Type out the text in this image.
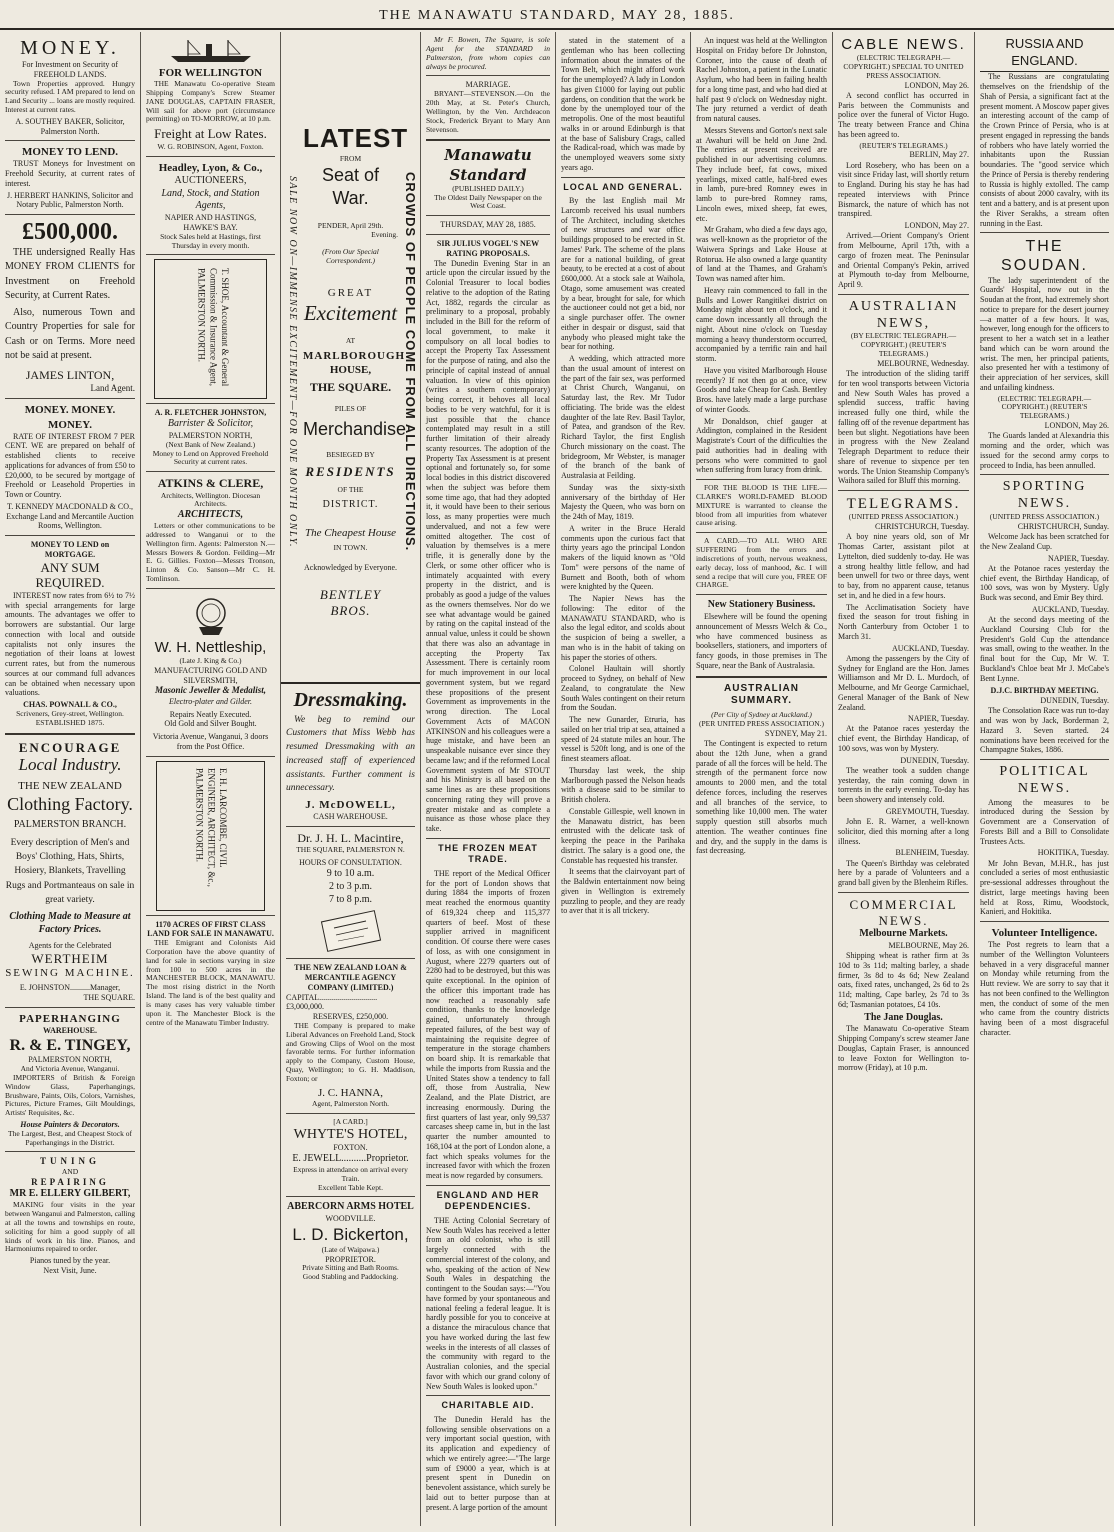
THE MANAWATU STANDARD, MAY 28, 1885.
MONEY.
For Investment on Security of FREEHOLD LANDS.

Town Properties approved. Hungry security refused. I AM prepared to lend on Land Security ... loans are mostly required. Interest at current rates.

A. SOUTHEY BAKER, Solicitor, Palmerston North.
MONEY TO LEND.

TRUST Moneys for Investment on Freehold Security, at current rates of interest.

J. HERBERT HANKINS, Solicitor and Notary Public, Palmerston North.
£500,000.

THE undersigned Really Has MONEY FROM CLIENTS for Investment on Freehold Security, at Current Rates.

Also, numerous Town and Country Properties for sale for Cash or on Terms. More need not be said at present.

JAMES LINTON,
Land Agent.
MONEY. MONEY. MONEY.

RATE OF INTEREST FROM 7 PER CENT. WE are prepared on behalf of established clients to receive applications for advances of from £50 to £20,000, to be secured by mortgage of Freehold or Leasehold Properties in Town or Country.

T. KENNEDY MACDONALD & CO., Exchange Land and Mercantile Auction Rooms, Wellington.
MONEY TO LEND on MORTGAGE.
ANY SUM REQUIRED.

INTEREST now rates from 6½ to 7½ with special arrangements for large amounts. The advantages we offer to borrowers are substantial. Our large connection with local and outside capitalists not only insures the negotiation of their loans at lowest current rates, but from the numerous sources at our command full advances can be obtained when necessary upon valuations.

CHAS. POWNALL & CO.,
Scriveners, Grey-street, Wellington. ESTABLISHED 1875.
ENCOURAGE
Local Industry.
THE NEW ZEALAND
Clothing Factory.
PALMERSTON BRANCH.

Every description of Men's and Boys' Clothing, Hats, Shirts, Hosiery, Blankets, Travelling Rugs and Portmanteaus on sale in great variety.

Clothing Made to Measure at Factory Prices.
Agents for the Celebrated
WERTHEIM
SEWING MACHINE.
E. JOHNSTON..........Manager,
THE SQUARE.
PAPERHANGING
WAREHOUSE.
R. & E. TINGEY,
PALMERSTON NORTH,
And Victoria Avenue, Wanganui.

IMPORTERS of British & Foreign Window Glass, Paperhangings, Brushware, Paints, Oils, Colors, Varnishes, Pictures, Picture Frames, Gilt Mouldings, Artists' Requisites, &c.

House Painters & Decorators.

The Largest, Best, and Cheapest Stock of Paperhangings in the District.

TUNING
AND
REPAIRING
MR E. ELLERY GILBERT,

MAKING four visits in the year between Wanganui and Palmerston, calling at all the towns and townships en route, soliciting for him a good supply of all kinds of work in his line. Pianos, and Harmoniums repaired to order.

Pianos tuned by the year.
Next Visit, June.
FOR WELLINGTON

THE Manawatu Co-operative Steam Shipping Company's Screw Steamer JANE DOUGLAS, CAPTAIN FRASER, Will sail for above port (circumstance permitting) on TO-MORROW, at 10 p.m.

Freight at Low Rates.
W. G. ROBINSON, Agent, Foxton.
Headley, Lyon, & Co.,
AUCTIONEERS,
Land, Stock, and Station Agents,
NAPIER AND HASTINGS,
HAWKE'S BAY.

Stock Sales held at Hastings, first Thursday in every month.

T. SHOE, Accountant & General Commission & Insurance Agent, PALMERSTON NORTH.
A. R. FLETCHER JOHNSTON,
Barrister & Solicitor,
PALMERSTON NORTH,
(Next Bank of New Zealand.)

Money to Lend on Approved Freehold Security at current rates.

ATKINS & CLERE,
Architects, Wellington. Diocesan Architects.
ARCHITECTS,

Letters or other communications to be addressed to Wanganui or to the Wellington firm. Agents: Palmerston N.—Messrs Bowers & Gordon. Feilding—Mr E. G. Gillies. Foxton—Messrs Tronson, Linton & Co. Sanson—Mr C. H. Tomlinson.

W. H. Nettleship,
(Late J. King & Co.)
MANUFACTURING GOLD AND SILVERSMITH,
Masonic Jeweller & Medalist,
Electro-plater and Gilder.
Repairs Neatly Executed.
Old Gold and Silver Bought.
Victoria Avenue, Wanganui, 3 doors from the Post Office.
E. H. LARCOMBE, CIVIL ENGINEER, ARCHITECT, &c., PALMERSTON NORTH.
1170 ACRES OF FIRST CLASS LAND FOR SALE IN MANAWATU.

THE Emigrant and Colonists Aid Corporation have the above quantity of land for sale in sections varying in size from 100 to 500 acres in the MANCHESTER BLOCK, MANAWATU. The most rising district in the North Island. The land is of the best quality and is many cases has very valuable timber upon it. The Manchester Block is the centre of the Manawatu Timber Industry.

SALE NOW ON—IMMENSE EXCITEMENT—FOR ONE MONTH ONLY.	CROWDS OF PEOPLE COME FROM ALL DIRECTIONS.
LATEST
FROM
Seat of War.
PENDER, April 29th.
Evening.
(From Our Special Correspondent.)
GREAT
Excitement
AT
MARLBOROUGH
HOUSE,
THE SQUARE.
PILES OF
Merchandise
BESIEGED BY
RESIDENTS
OF THE
DISTRICT.
The Cheapest House
IN TOWN.
Acknowledged by Everyone.
BENTLEY BROS.
Dressmaking.

We beg to remind our Customers that Miss Webb has resumed Dressmaking with an increased staff of experienced assistants. Further comment is unnecessary.

J. McDOWELL,
CASH WAREHOUSE.
Dr. J. H. L. Macintire,
THE SQUARE, PALMERSTON N.
HOURS OF CONSULTATION.
9 to 10 a.m.
2 to 3 p.m.
7 to 8 p.m.
THE NEW ZEALAND LOAN & MERCANTILE AGENCY COMPANY (LIMITED.)
CAPITAL.............................£3,000,000.
RESERVES, £250,000.

THE Company is prepared to make Liberal Advances on Freehold Land, Stock and Growing Clips of Wool on the most favorable terms. For further information apply to the Company, Custom House, Quay, Wellington; to G. H. Maddison, Foxton; or

J. C. HANNA,
Agent, Palmerston North.
[A CARD.]
WHYTE'S HOTEL,
FOXTON.
E. JEWELL..........Proprietor.
Express in attendance on arrival every Train.
Excellent Table Kept.
ABERCORN ARMS HOTEL
WOODVILLE.
L. D. Bickerton,
(Late of Waipawa.)
PROPRIETOR.
Private Sitting and Bath Rooms.
Good Stabling and Paddocking.

Mr F. Bowen, The Square, is sole Agent for the STANDARD in Palmerston, from whom copies can always be procured.

MARRIAGE.

BRYANT—STEVENSON.—On the 20th May, at St. Peter's Church, Wellington, by the Ven. Archdeacon Stock, Frederick Bryant to Mary Ann Stevenson.

Manawatu Standard
(PUBLISHED DAILY.)
The Oldest Daily Newspaper on the West Coast.
THURSDAY, MAY 28, 1885.
SIR JULIUS VOGEL'S NEW RATING PROPOSALS.

The Dunedin Evening Star in an article upon the circular issued by the Colonial Treasurer to local bodies relative to the adoption of the Rating Act, 1882, regards the circular as preliminary to a proposal, probably included in the Bill for the reform of local government, to make it compulsory on all local bodies to accept the Property Tax Assessment for the purpose of rating, and also the principle of capital instead of annual valuation. In view of this opinion (writes a southern contemporary) being correct, it behoves all local bodies to be very watchful, for it is just possible that the chance contemplated may result in a still further limitation of their already scanty resources. The adoption of the Property Tax Assessment is at present optional and fortunately so, for some local bodies in this district discovered when the subject was before them some time ago, that had they adopted it, it would have been to their serious loss, as many properties were much undervalued, and not a few were omitted altogether. The cost of valuation by themselves is a mere trifle, it is generally done by the Clerk, or some other officer who is intimately acquainted with every property in the district, and is probably as good a judge of the values as the owners themselves. Nor do we see what advantage would be gained by rating on the capital instead of the annual value, unless it could be shown that there was also an advantage in accepting the Property Tax Assessment. There is certainly room for much improvement in our local government system, but we regard these propositions of the present Government as improvements in the wrong direction. The Local Government Acts of MACON ATKINSON and his colleagues were a huge mistake, and have been an unspeakable nuisance ever since they became law; and if the reformed Local Government system of Mr STOUT and his Ministry is all based on the same lines as are these propositions concerning rating they will prove a greater mistake and as complete a nuisance as those whose place they take.

THE FROZEN MEAT TRADE.

THE report of the Medical Officer for the port of London shows that during 1884 the imports of frozen meat reached the enormous quantity of 619,324 cheep and 115,377 quarters of beef. Most of these supplier arrived in magnificent condition. Of course there were cases of loss, as with one consignment in August, where 2279 quarters out of 2280 had to be destroyed, but this was quite exceptional. In the opinion of the officer this important trade has now reached a reasonably safe condition, thanks to the knowledge gained, unfortunately through repeated failures, of the best way of maintaining the requisite degree of temperature in the storage chambers on board ship. It is remarkable that while the imports from Russia and the United States show a tendency to fall off, those from Australia, New Zealand, and the Plate District, are increasing enormously. During the first quarters of last year, only 99,537 carcases sheep came in, but in the last quarter the number amounted to 168,104 at the port of London alone, a fact which speaks volumes for the increased favor with which the frozen meat is now regarded by consumers.

ENGLAND AND HER DEPENDENCIES.

THE Acting Colonial Secretary of New South Wales has received a letter from an old colonist, who is still largely connected with the commercial interest of the colony, and who, speaking of the action of New South Wales in despatching the contingent to the Soudan says:—"You have formed by your spontaneous and national feeling a federal league. It is hardly possible for you to conceive at a distance the miraculous chance that you have worked during the last few weeks in the interests of all classes of the community with regard to the Australian colonies, and the special favor with which our grand colony of New South Wales is looked upon."

CHARITABLE AID.

The Dunedin Herald has the following sensible observations on a very important social question, with its application and expediency of which we entirely agree:—"The large sum of £9000 a year, which is at present spent in Dunedin on benevolent assistance, which surely be laid out to better purpose than at present. A large portion of the amount

stated in the statement of a gentleman who has been collecting information about the inmates of the Town Belt, which might afford work for the unemployed? A lady in London has given £1000 for laying out public gardens, on condition that the work be done by the unemployed tour of the metropolis. One of the most beautiful walks in or around Edinburgh is that at the base of Salisbury Crags, called the Radical-road, which was made by the unemployed weavers some sixty years ago.

LOCAL AND GENERAL.

By the last English mail Mr Larcomb received his usual numbers of The Architect, including sketches of new structures and war office buildings proposed to be erected in St. James' Park. The scheme of the plans are for a national building, of great beauty, to be erected at a cost of about £600,000. At a stock sale at Waihola, Otago, some amusement was created by a bear, brought for sale, for which the auctioneer could not get a bid, nor a single purchaser offer. The owner either in despair or disgust, said that anybody who pleased might take the bear for nothing.

A wedding, which attracted more than the usual amount of interest on the part of the fair sex, was performed at Christ Church, Wanganui, on Saturday last, the Rev. Mr Tudor officiating. The bride was the eldest daughter of the late Rev. Basil Taylor, of Patea, and grandson of the Rev. Richard Taylor, the first English Church missionary on the coast. The bridegroom, Mr Webster, is manager of the branch of the bank of Australasia at Feilding.

Sunday was the sixty-sixth anniversary of the birthday of Her Majesty the Queen, who was born on the 24th of May, 1819.

A writer in the Bruce Herald comments upon the curious fact that thirty years ago the principal London makers of the liquid known as "Old Tom" were persons of the name of Burnett and Booth, both of whom were knighted by the Queen.

The Napier News has the following: The editor of the MANAWATU STANDARD, who is also the legal editor, and scolds about the suspicion of being a sweller, a man who is in the habit of taking on his paper the stories of others.

Colonel Haultain will shortly proceed to Sydney, on behalf of New Zealand, to congratulate the New South Wales contingent on their return from the Soudan.

The new Gunarder, Etruria, has sailed on her trial trip at sea, attained a speed of 24 statute miles an hour. The vessel is 520ft long, and is one of the finest steamers afloat.

Thursday last week, the ship Marlborough passed the Nelson heads with a disease said to be similar to British cholera.

Constable Gillespie, well known in the Manawatu district, has been entrusted with the delicate task of keeping the peace in the Parihaka district. The salary is a good one, the Constable has requested his transfer.

It seems that the clairvoyant part of the Baldwin entertainment now being given in Wellington is extremely puzzling to people, and they are ready to aver that it is all trickery.

An inquest was held at the Wellington Hospital on Friday before Dr Johnston, Coroner, into the cause of death of Rachel Johnston, a patient in the Lunatic Asylum, who had been in failing health for a long time past, and who had died at half past 9 o'clock on Wednesday night. The jury returned a verdict of death from natural causes.

Messrs Stevens and Gorton's next sale at Awahuri will be held on June 2nd. The entries at present received are published in our advertising columns. They include beef, fat cows, mixed yearlings, mixed cattle, half-bred ewes in lamb, pure-bred Romney ewes in lamb to pure-bred Romney rams, Lincoln ewes, mixed sheep, fat ewes, etc.

Mr Graham, who died a few days ago, was well-known as the proprietor of the Waiwera Springs and Lake House at Rotorua. He also owned a large quantity of land at the Thames, and Graham's Town was named after him.

Heavy rain commenced to fall in the Bulls and Lower Rangitikei district on Monday night about ten o'clock, and it came down incessantly all through the night. About nine o'clock on Tuesday morning a heavy thunderstorm occurred, accompanied by a terrific rain and hail storm.

Have you visited Marlborough House recently? If not then go at once, view Goods and take Cheap for Cash. Bentley Bros. have lately made a large purchase of winter Goods.

Mr Donaldson, chief gauger at Addington, complained in the Resident Magistrate's Court of the difficulties the paid authorities had in dealing with persons who were committed to gaol when suffering from luracy from drink.

FOR THE BLOOD IS THE LIFE.—CLARKE'S WORLD-FAMED BLOOD MIXTURE is warranted to cleanse the blood from all impurities from whatever cause arising.

A CARD.—TO ALL WHO ARE SUFFERING from the errors and indiscretions of youth, nervous weakness, early decay, loss of manhood, &c. I will send a recipe that will cure you, FREE OF CHARGE.

New Stationery Business.

Elsewhere will be found the opening announcement of Messrs Welch & Co., who have commenced business as booksellers, stationers, and importers of fancy goods, in those premises in The Square, near the Bank of Australasia.

AUSTRALIAN SUMMARY.
(Per City of Sydney at Auckland.)
(PER UNITED PRESS ASSOCIATION.)
SYDNEY, May 21.

The Contingent is expected to return about the 12th June, when a grand parade of all the forces will be held. The strength of the permanent force now amounts to 2000 men, and the total defence forces, including the reserves and all branches of the service, to something like 10,000 men. The water supply question still absorbs much attention. The weather continues fine and dry, and the supply in the dams is fast decreasing.

CABLE NEWS.
(ELECTRIC TELEGRAPH.—COPYRIGHT.) SPECIAL TO UNITED PRESS ASSOCIATION.
LONDON, May 26.

A second conflict has occurred in Paris between the Communists and police over the funeral of Victor Hugo. The treaty between France and China has been agreed to.

(REUTER'S TELEGRAMS.)
BERLIN, May 27.

Lord Rosebery, who has been on a visit since Friday last, will shortly return to England. During his stay he has had repeated interviews with Prince Bismarck, the nature of which has not transpired.

LONDON, May 27.

Arrived.—Orient Company's Orient from Melbourne, April 17th, with a cargo of frozen meat. The Peninsular and Oriental Company's Pekin, arrived at Plymouth to-day from Melbourne, April 9.

AUSTRALIAN NEWS,
(BY ELECTRIC TELEGRAPH.—COPYRIGHT.) (REUTER'S TELEGRAMS.)
MELBOURNE, Wednesday.

The introduction of the sliding tariff for ten wool transports between Victoria and New South Wales has proved a splendid success, traffic having increased fully one third, while the falling off of the revenue department has been but slight. Negotiations have been in progress with the New Zealand Telegraph Department to reduce their share of revenue to sixpence per ten words. The Union Steamship Company's Waihora sailed for Bluff this morning.

TELEGRAMS.
(UNITED PRESS ASSOCIATION.)
CHRISTCHURCH, Tuesday.

A boy nine years old, son of Mr Thomas Carter, assistant pilot at Lyttelton, died suddenly to-day. He was a strong healthy little fellow, and had been unwell for two or three days, went to bay, from no apparent cause, tetanus set in, and he died in a few hours.

The Acclimatisation Society have fixed the season for trout fishing in North Canterbury from October 1 to March 31.

AUCKLAND, Tuesday.

Among the passengers by the City of Sydney for England are the Hon. James Williamson and Mr D. L. Murdoch, of Melbourne, and Mr George Carmichael, General Manager of the Bank of New Zealand.

NAPIER, Tuesday.

At the Patanoe races yesterday the chief event, the Birthday Handicap, of 100 sovs, was won by Mystery.

DUNEDIN, Tuesday.

The weather took a sudden change yesterday, the rain coming down in torrents in the early evening. To-day has been showery and intensely cold.

GREYMOUTH, Tuesday.

John E. R. Warner, a well-known solicitor, died this morning after a long illness.

BLENHEIM, Tuesday.

The Queen's Birthday was celebrated here by a parade of Volunteers and a grand ball given by the Blenheim Rifles.

COMMERCIAL NEWS.
Melbourne Markets.
MELBOURNE, May 26.

Shipping wheat is rather firm at 3s 10d to 3s 11d; malting barley, a shade firmer, 3s 8d to 4s 6d; New Zealand oats, fixed rates, unchanged, 2s 6d to 2s 11d; malting, Cape barley, 2s 7d to 3s 6d; Tasmanian potatoes, £4 10s.

The Jane Douglas.

The Manawatu Co-operative Steam Shipping Company's screw steamer Jane Douglas, Captain Fraser, is announced to leave Foxton for Wellington to-morrow (Friday), at 10 p.m.

RUSSIA AND ENGLAND.

The Russians are congratulating themselves on the friendship of the Shah of Persia, a significant fact at the present moment. A Moscow paper gives an interesting account of the camp of the Crown Prince of Persia, who is at present engaged in repressing the bands of robbers who have lately worried the inhabitants upon the Russian boundaries. The "good service which the Prince of Persia is thereby rendering to Russia is highly extolled. The camp consists of about 2000 cavalry, with its tent and a battery, and is at present upon the River Serakhs, a stream often running in the East.

THE SOUDAN.

The lady superintendent of the Guards' Hospital, now out in the Soudan at the front, had extremely short notice to prepare for the desert journey—a matter of a few hours. It was, however, long enough for the officers to present to her a watch set in a leather band which can be worn around the wrist. The men, her principal patients, also presented her with a testimony of their appreciation of her services, skill and unfailing kindness.

(ELECTRIC TELEGRAPH.—COPYRIGHT.) (REUTER'S TELEGRAMS.)
LONDON, May 26.

The Guards landed at Alexandria this morning and the order, which was issued for the second army corps to proceed to India, has been annulled.

SPORTING NEWS.
(UNITED PRESS ASSOCIATION.)
CHRISTCHURCH, Sunday.

Welcome Jack has been scratched for the New Zealand Cup.

NAPIER, Tuesday.

At the Potanoe races yesterday the chief event, the Birthday Handicap, of 100 sovs, was won by Mystery. Ugly Buck was second, and Emir Bey third.

AUCKLAND, Tuesday.

At the second days meeting of the Auckland Coursing Club for the President's Gold Cup the attendance was small, owing to the weather. In the final bout for the Cup, Mr W. T. Buckland's Chloe beat Mr J. McCabe's Bent Lynne.

D.J.C. BIRTHDAY MEETING.
DUNEDIN, Tuesday.

The Consolation Race was run to-day and was won by Jack, Borderman 2, Hazard 3. Seven started. 24 nominations have been received for the Champagne Stakes, 1886.

POLITICAL NEWS.

Among the measures to be introduced during the Session by Government are a Conservation of Forests Bill and a Bill to Consolidate Trustees Acts.

HOKITIKA, Tuesday.

Mr John Bevan, M.H.R., has just concluded a series of most enthusiastic pre-sessional addresses throughout the district, large meetings having been held at Ross, Rimu, Woodstock, Kanieri, and Hokitika.

Volunteer Intelligence.

The Post regrets to learn that a number of the Wellington Volunteers behaved in a very disgraceful manner on Monday while returning from the Hutt review. We are sorry to say that it has not been confined to the Wellington men, the conduct of some of the men who came from the country districts having been of a most disgraceful character.
